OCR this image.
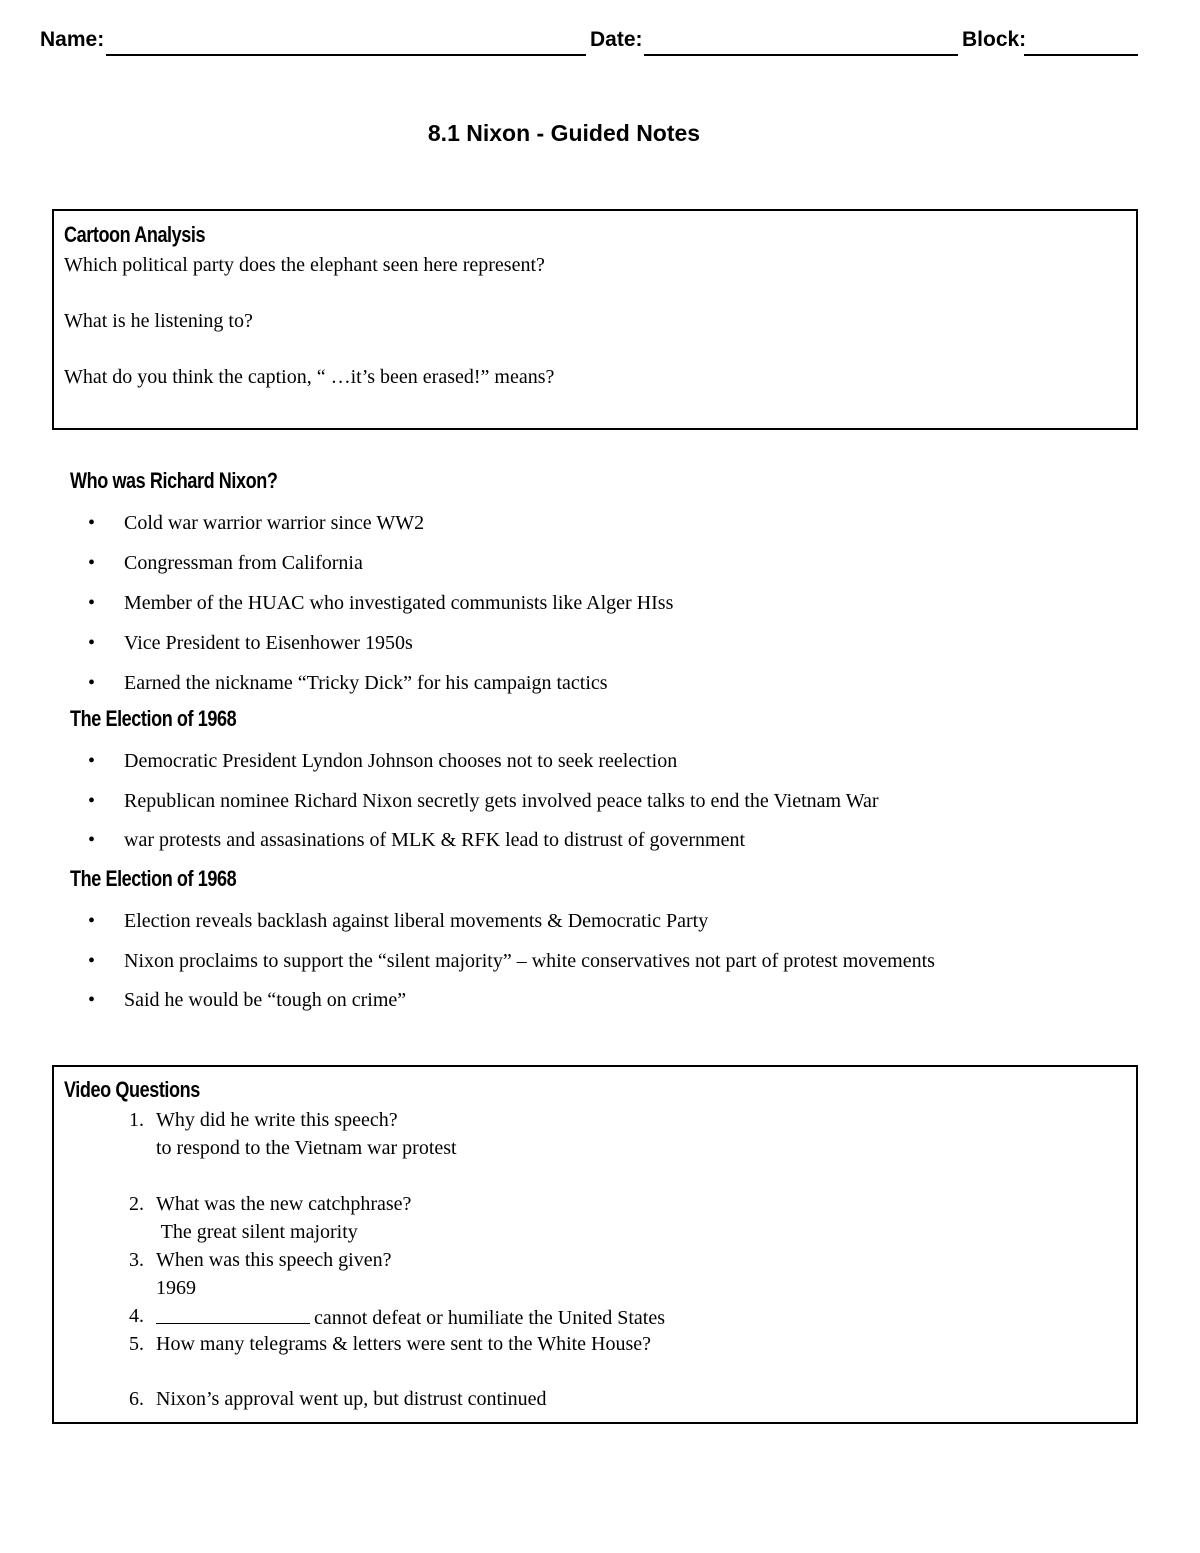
Name:	Date:	Block:
8.1 Nixon - Guided Notes
Cartoon Analysis
Which political party does the elephant seen here represent?
What is he listening to?
What do you think the caption, “ …it’s been erased!” means?
Who was Richard Nixon?
• Cold war warrior warrior since WW2
• Congressman from California
• Member of the HUAC who investigated communists like Alger HIss
• Vice President to Eisenhower 1950s
• Earned the nickname “Tricky Dick” for his campaign tactics
The Election of 1968
• Democratic President Lyndon Johnson chooses not to seek reelection
• Republican nominee Richard Nixon secretly gets involved peace talks to end the Vietnam War
• war protests and assasinations of MLK & RFK lead to distrust of government
The Election of 1968
• Election reveals backlash against liberal movements & Democratic Party
• Nixon proclaims to support the “silent majority” – white conservatives not part of protest movements
• Said he would be “tough on crime”
Video Questions
1. Why did he write this speech?
to respond to the Vietnam war protest
2. What was the new catchphrase?
The great silent majority
3. When was this speech given?
1969
4.	cannot defeat or humiliate the United States
5. How many telegrams & letters were sent to the White House?
6. Nixon’s approval went up, but distrust continued
